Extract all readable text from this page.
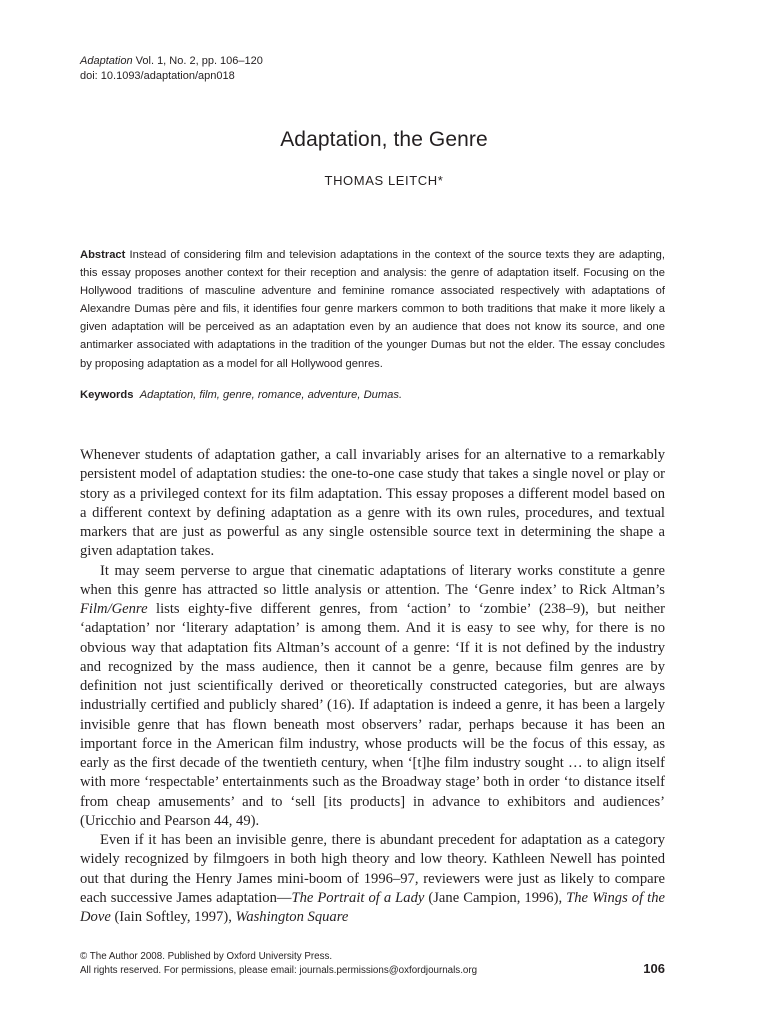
Adaptation Vol. 1, No. 2, pp. 106–120
doi: 10.1093/adaptation/apn018
Adaptation, the Genre
THOMAS LEITCH*

Abstract Instead of considering film and television adaptations in the context of the source texts they are adapting, this essay proposes another context for their reception and analysis: the genre of adaptation itself. Focusing on the Hollywood traditions of masculine adventure and feminine romance associated respectively with adaptations of Alexandre Dumas père and fils, it identifies four genre markers common to both traditions that make it more likely a given adaptation will be perceived as an adaptation even by an audience that does not know its source, and one antimarker associated with adaptations in the tradition of the younger Dumas but not the elder. The essay concludes by proposing adaptation as a model for all Hollywood genres.

Keywords Adaptation, film, genre, romance, adventure, Dumas.

Whenever students of adaptation gather, a call invariably arises for an alternative to a remarkably persistent model of adaptation studies: the one-to-one case study that takes a single novel or play or story as a privileged context for its film adaptation. This essay proposes a different model based on a different context by defining adaptation as a genre with its own rules, procedures, and textual markers that are just as powerful as any single ostensible source text in determining the shape a given adaptation takes.

It may seem perverse to argue that cinematic adaptations of literary works constitute a genre when this genre has attracted so little analysis or attention. The ‘Genre index’ to Rick Altman’s Film/Genre lists eighty-five different genres, from ‘action’ to ‘zombie’ (238–9), but neither ‘adaptation’ nor ‘literary adaptation’ is among them. And it is easy to see why, for there is no obvious way that adaptation fits Altman’s account of a genre: ‘If it is not defined by the industry and recognized by the mass audience, then it cannot be a genre, because film genres are by definition not just scientifically derived or theoretically constructed categories, but are always industrially certified and publicly shared’ (16). If adaptation is indeed a genre, it has been a largely invisible genre that has flown beneath most observers’ radar, perhaps because it has been an important force in the American film industry, whose products will be the focus of this essay, as early as the first decade of the twentieth century, when ‘[t]he film industry sought … to align itself with more ‘respectable’ entertainments such as the Broadway stage’ both in order ‘to distance itself from cheap amusements’ and to ‘sell [its products] in advance to exhibitors and audiences’ (Uricchio and Pearson 44, 49).

Even if it has been an invisible genre, there is abundant precedent for adaptation as a category widely recognized by filmgoers in both high theory and low theory. Kathleen Newell has pointed out that during the Henry James mini-boom of 1996–97, reviewers were just as likely to compare each successive James adaptation—The Portrait of a Lady (Jane Campion, 1996), The Wings of the Dove (Iain Softley, 1997), Washington Square

© The Author 2008. Published by Oxford University Press.
All rights reserved. For permissions, please email: journals.permissions@oxfordjournals.org	106
